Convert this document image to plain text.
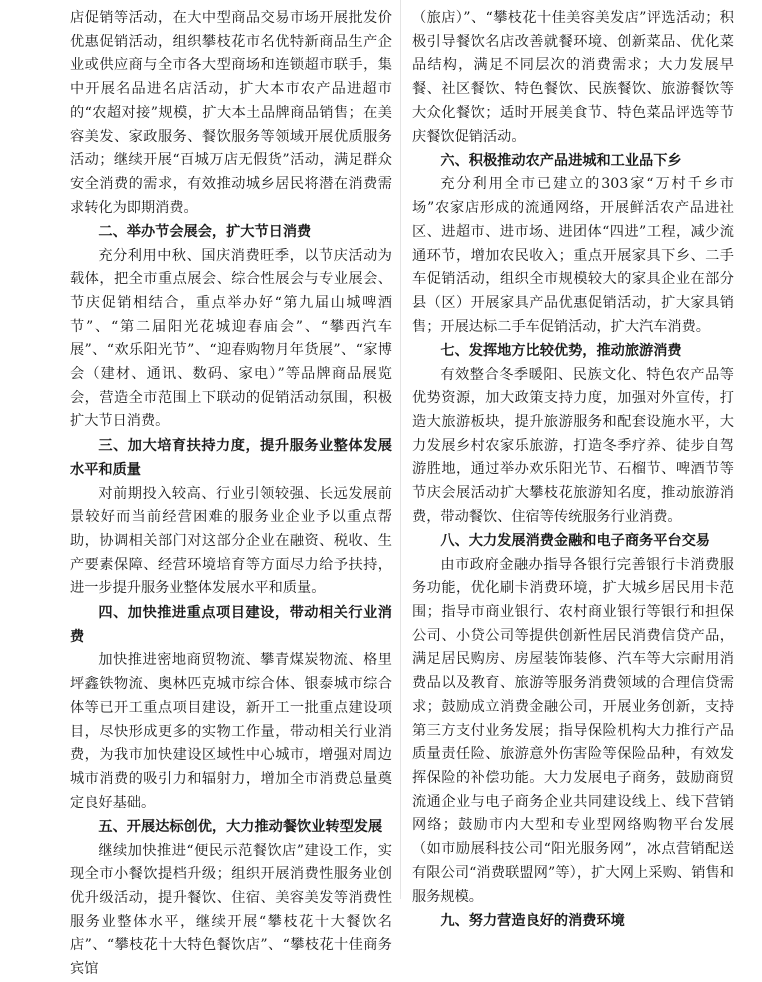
店促销等活动，在大中型商品交易市场开展批发价优惠促销活动，组织攀枝花市名优特新商品生产企业或供应商与全市各大型商场和连锁超市联手，集中开展名品进名店活动，扩大本市农产品进超市的“农超对接”规模，扩大本土品牌商品销售；在美容美发、家政服务、餐饮服务等领域开展优质服务活动；继续开展“百城万店无假货”活动，满足群众安全消费的需求，有效推动城乡居民将潜在消费需求转化为即期消费。

二、举办节会展会，扩大节日消费

充分利用中秋、国庆消费旺季，以节庆活动为载体，把全市重点展会、综合性展会与专业展会、节庆促销相结合，重点举办好“第九届山城啤酒节”、“第二届阳光花城迎春庙会”、“攀西汽车展”、“欢乐阳光节”、“迎春购物月年货展”、“家博会（建材、通讯、数码、家电）”等品牌商品展览会，营造全市范围上下联动的促销活动氛围，积极扩大节日消费。

三、加大培育扶持力度，提升服务业整体发展水平和质量

对前期投入较高、行业引领较强、长远发展前景较好而当前经营困难的服务业企业予以重点帮助，协调相关部门对这部分企业在融资、税收、生产要素保障、经营环境培育等方面尽力给予扶持，进一步提升服务业整体发展水平和质量。

四、加快推进重点项目建设，带动相关行业消费

加快推进密地商贸物流、攀青煤炭物流、格里坪鑫铁物流、奥林匹克城市综合体、银泰城市综合体等已开工重点项目建设，新开工一批重点建设项目，尽快形成更多的实物工作量，带动相关行业消费，为我市加快建设区域性中心城市，增强对周边城市消费的吸引力和辐射力，增加全市消费总量奠定良好基础。

五、开展达标创优，大力推动餐饮业转型发展

继续加快推进“便民示范餐饮店”建设工作，实现全市小餐饮提档升级；组织开展消费性服务业创优升级活动，提升餐饮、住宿、美容美发等消费性服务业整体水平，继续开展“攀枝花十大餐饮名店”、“攀枝花十大特色餐饮店”、“攀枝花十佳商务宾馆

（旅店）”、“攀枝花十佳美容美发店”评选活动；积极引导餐饮名店改善就餐环境、创新菜品、优化菜品结构，满足不同层次的消费需求；大力发展早餐、社区餐饮、特色餐饮、民族餐饮、旅游餐饮等大众化餐饮；适时开展美食节、特色菜品评选等节庆餐饮促销活动。

六、积极推动农产品进城和工业品下乡

充分利用全市已建立的303家“万村千乡市场”农家店形成的流通网络，开展鲜活农产品进社区、进超市、进市场、进团体“四进”工程，减少流通环节，增加农民收入；重点开展家具下乡、二手车促销活动，组织全市规模较大的家具企业在部分县（区）开展家具产品优惠促销活动，扩大家具销售；开展达标二手车促销活动，扩大汽车消费。

七、发挥地方比较优势，推动旅游消费

有效整合冬季暖阳、民族文化、特色农产品等优势资源，加大政策支持力度，加强对外宣传，打造大旅游板块，提升旅游服务和配套设施水平，大力发展乡村农家乐旅游，打造冬季疗养、徒步自驾游胜地，通过举办欢乐阳光节、石榴节、啤酒节等节庆会展活动扩大攀枝花旅游知名度，推动旅游消费，带动餐饮、住宿等传统服务行业消费。

八、大力发展消费金融和电子商务平台交易

由市政府金融办指导各银行完善银行卡消费服务功能，优化刷卡消费环境，扩大城乡居民用卡范围；指导市商业银行、农村商业银行等银行和担保公司、小贷公司等提供创新性居民消费信贷产品，满足居民购房、房屋装饰装修、汽车等大宗耐用消费品以及教育、旅游等服务消费领域的合理信贷需求；鼓励成立消费金融公司，开展业务创新，支持第三方支付业务发展；指导保险机构大力推行产品质量责任险、旅游意外伤害险等保险品种，有效发挥保险的补偿功能。大力发展电子商务，鼓励商贸流通企业与电子商务企业共同建设线上、线下营销网络；鼓励市内大型和专业型网络购物平台发展（如市励展科技公司“阳光服务网”，冰点营销配送有限公司“消费联盟网”等），扩大网上采购、销售和服务规模。

九、努力营造良好的消费环境
